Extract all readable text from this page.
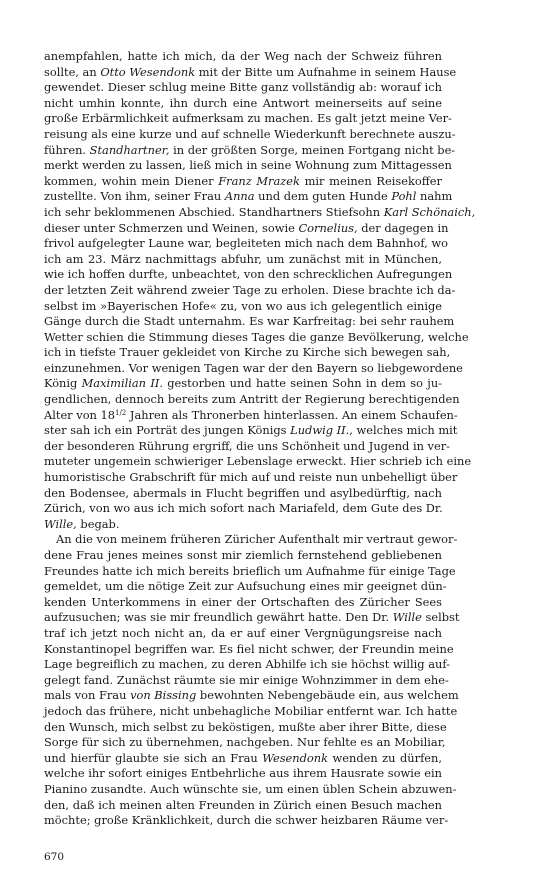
anempfahlen, hatte ich mich, da der Weg nach der Schweiz führen
sollte, an Otto Wesendonk mit der Bitte um Aufnahme in seinem Hause
gewendet. Dieser schlug meine Bitte ganz vollständig ab: worauf ich
nicht umhin konnte, ihn durch eine Antwort meinerseits auf seine
große Erbärmlichkeit aufmerksam zu machen. Es galt jetzt meine Ver-
reisung als eine kurze und auf schnelle Wiederkunft berechnete auszu-
führen. Standhartner, in der größten Sorge, meinen Fortgang nicht be-
merkt werden zu lassen, ließ mich in seine Wohnung zum Mittagessen
kommen, wohin mein Diener Franz Mrazek mir meinen Reisekoffer
zustellte. Von ihm, seiner Frau Anna und dem guten Hunde Pohl nahm
ich sehr beklommenen Abschied. Standhartners Stiefsohn Karl Schönaich,
dieser unter Schmerzen und Weinen, sowie Cornelius, der dagegen in
frivol aufgelegter Laune war, begleiteten mich nach dem Bahnhof, wo
ich am 23. März nachmittags abfuhr, um zunächst mit in München,
wie ich hoffen durfte, unbeachtet, von den schrecklichen Aufregungen
der letzten Zeit während zweier Tage zu erholen. Diese brachte ich da-
selbst im »Bayerischen Hofe« zu, von wo aus ich gelegentlich einige
Gänge durch die Stadt unternahm. Es war Karfreitag: bei sehr rauhem
Wetter schien die Stimmung dieses Tages die ganze Bevölkerung, welche
ich in tiefste Trauer gekleidet von Kirche zu Kirche sich bewegen sah,
einzunehmen. Vor wenigen Tagen war der den Bayern so liebgewordene
König Maximilian II. gestorben und hatte seinen Sohn in dem so ju-
gendlichen, dennoch bereits zum Antritt der Regierung berechtigenden
Alter von $18^{1/2}$ Jahren als Thronerben hinterlassen. An einem Schaufen-
ster sah ich ein Porträt des jungen Königs Ludwig II., welches mich mit
der besonderen Rührung ergriff, die uns Schönheit und Jugend in ver-
muteter ungemein schwieriger Lebenslage erweckt. Hier schrieb ich eine
humoristische Grabschrift für mich auf und reiste nun unbehelligt über
den Bodensee, abermals in Flucht begriffen und asylbedürftig, nach
Zürich, von wo aus ich mich sofort nach Mariafeld, dem Gute des Dr.
Wille, begab.
An die von meinem früheren Züricher Aufenthalt mir vertraut gewor-
dene Frau jenes meines sonst mir ziemlich fernstehend gebliebenen
Freundes hatte ich mich bereits brieflich um Aufnahme für einige Tage
gemeldet, um die nötige Zeit zur Aufsuchung eines mir geeignet dün-
kenden Unterkommens in einer der Ortschaften des Züricher Sees
aufzusuchen; was sie mir freundlich gewährt hatte. Den Dr. Wille selbst
traf ich jetzt noch nicht an, da er auf einer Vergnügungsreise nach
Konstantinopel begriffen war. Es fiel nicht schwer, der Freundin meine
Lage begreiflich zu machen, zu deren Abhilfe ich sie höchst willig auf-
gelegt fand. Zunächst räumte sie mir einige Wohnzimmer in dem ehe-
mals von Frau von Bissing bewohnten Nebengebäude ein, aus welchem
jedoch das frühere, nicht unbehagliche Mobiliar entfernt war. Ich hatte
den Wunsch, mich selbst zu beköstigen, mußte aber ihrer Bitte, diese
Sorge für sich zu übernehmen, nachgeben. Nur fehlte es an Mobiliar,
und hierfür glaubte sie sich an Frau Wesendonk wenden zu dürfen,
welche ihr sofort einiges Entbehrliche aus ihrem Hausrate sowie ein
Pianino zusandte. Auch wünschte sie, um einen üblen Schein abzuwen-
den, daß ich meinen alten Freunden in Zürich einen Besuch machen
möchte; große Kränklichkeit, durch die schwer heizbaren Räume ver-
670
